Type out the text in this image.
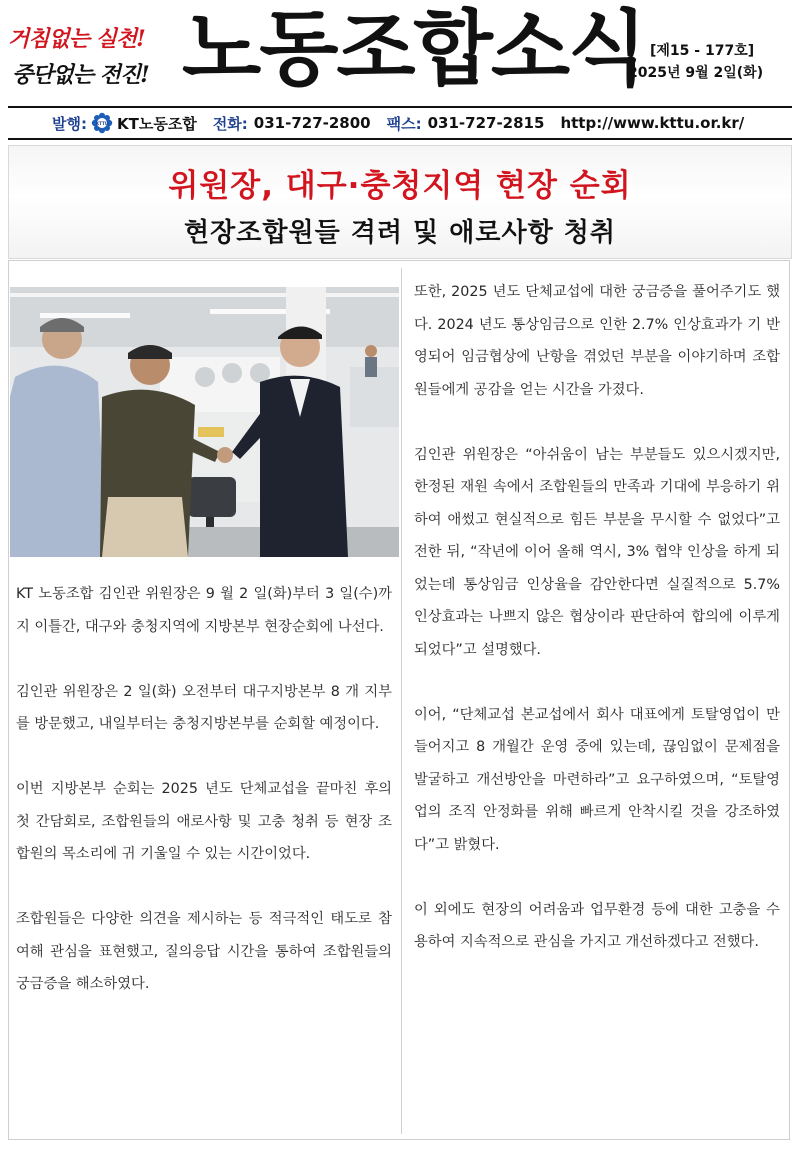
거침없는 실천!
중단없는 전진! 노동조합소식 [제15 - 177호]
2025년 9월 2일(화)
발행: KTTU KT노동조합 전화: 031-727-2800 팩스: 031-727-2815 http://www.kttu.or.kr/
위원장, 대구·충청지역 현장 순회
현장조합원들 격려 및 애로사항 청취

KT 노동조합 김인관 위원장은 9 월 2 일(화)부터 3 일(수)까지 이틀간, 대구와 충청지역에 지방본부 현장순회에 나선다.

김인관 위원장은 2 일(화) 오전부터 대구지방본부 8 개 지부를 방문했고, 내일부터는 충청지방본부를 순회할 예정이다.

이번 지방본부 순회는 2025 년도 단체교섭을 끝마친 후의 첫 간담회로, 조합원들의 애로사항 및 고충 청취 등 현장 조합원의 목소리에 귀 기울일 수 있는 시간이었다.

조합원들은 다양한 의견을 제시하는 등 적극적인 태도로 참여해 관심을 표현했고, 질의응답 시간을 통하여 조합원들의 궁금증을 해소하였다.

또한, 2025 년도 단체교섭에 대한 궁금증을 풀어주기도 했다. 2024 년도 통상임금으로 인한 2.7% 인상효과가 기 반영되어 임금협상에 난항을 겪었던 부분을 이야기하며 조합원들에게 공감을 얻는 시간을 가졌다.

김인관 위원장은 “아쉬움이 남는 부분들도 있으시겠지만, 한정된 재원 속에서 조합원들의 만족과 기대에 부응하기 위하여 애썼고 현실적으로 힘든 부분을 무시할 수 없었다”고 전한 뒤, “작년에 이어 올해 역시, 3% 협약 인상을 하게 되었는데 통상임금 인상율을 감안한다면 실질적으로 5.7% 인상효과는 나쁘지 않은 협상이라 판단하여 합의에 이루게 되었다”고 설명했다.

이어, “단체교섭 본교섭에서 회사 대표에게 토탈영업이 만들어지고 8 개월간 운영 중에 있는데, 끊임없이 문제점을 발굴하고 개선방안을 마련하라”고 요구하였으며, “토탈영업의 조직 안정화를 위해 빠르게 안착시킬 것을 강조하였다”고 밝혔다.

이 외에도 현장의 어려움과 업무환경 등에 대한 고충을 수용하여 지속적으로 관심을 가지고 개선하겠다고 전했다.
